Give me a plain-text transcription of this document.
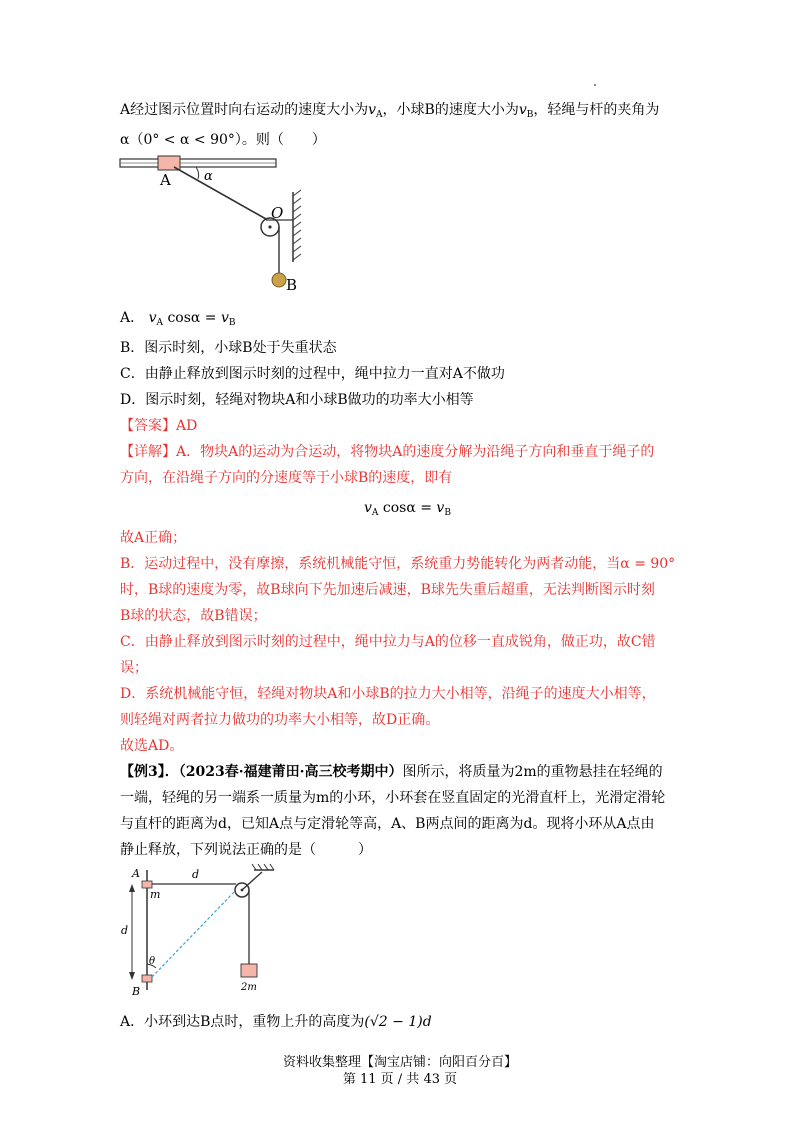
A经过图示位置时向右运动的速度大小为$v_A$，小球B的速度大小为$v_B$，轻绳与杆的夹角为
α（0° < α < 90°）。则（　　）
A	α
O
B
A． $v_A$ $\cos\alpha = v_B$
B．图示时刻，小球B处于失重状态
C．由静止释放到图示时刻的过程中，绳中拉力一直对A不做功
D．图示时刻，轻绳对物块A和小球B做功的功率大小相等
【答案】AD
【详解】A．物块A的运动为合运动，将物块A的速度分解为沿绳子方向和垂直于绳子的
方向，在沿绳子方向的分速度等于小球B的速度，即有
$v_A$ $\cos\alpha = v_B$
故A正确；
B．运动过程中，没有摩擦，系统机械能守恒，系统重力势能转化为两者动能，当α = 90°
时，B球的速度为零，故B球向下先加速后减速，B球先失重后超重，无法判断图示时刻
B球的状态，故B错误；
C．由静止释放到图示时刻的过程中，绳中拉力与A的位移一直成锐角，做正功，故C错
误；
D．系统机械能守恒，轻绳对物块A和小球B的拉力大小相等，沿绳子的速度大小相等，
则轻绳对两者拉力做功的功率大小相等，故D正确。
故选AD。
【例3】．（2023春·福建莆田·高三校考期中）图所示，将质量为2m的重物悬挂在轻绳的
一端，轻绳的另一端系一质量为m的小环，小环套在竖直固定的光滑直杆上，光滑定滑轮
与直杆的距离为d，已知A点与定滑轮等高，A、B两点间的距离为d。现将小环从A点由
静止释放，下列说法正确的是（　　　）
A
B
d
d
m
θ
2m
A．小环到达B点时，重物上升的高度为(√2 − 1)d
资料收集整理【淘宝店铺：向阳百分百】
第 11 页 / 共 43 页
